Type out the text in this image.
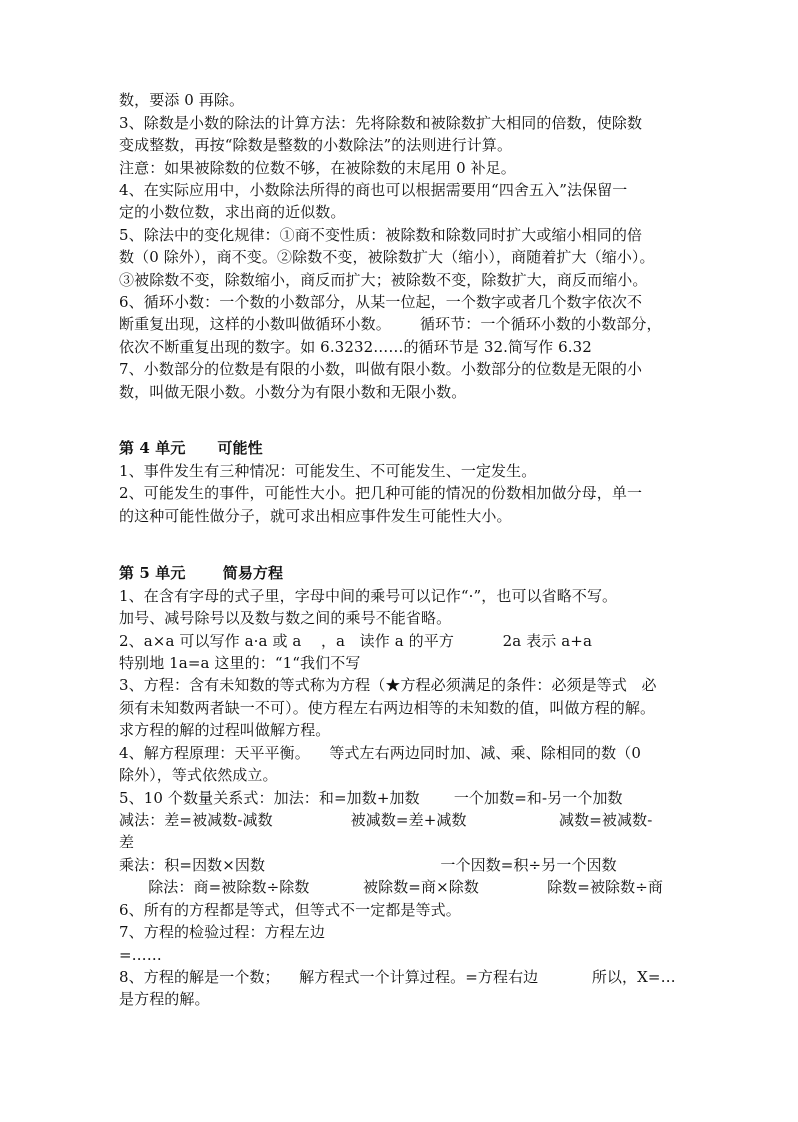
数，要添 0 再除。
3、除数是小数的除法的计算方法：先将除数和被除数扩大相同的倍数，使除数
变成整数，再按“除数是整数的小数除法”的法则进行计算。
注意：如果被除数的位数不够，在被除数的末尾用 0 补足。
4、在实际应用中，小数除法所得的商也可以根据需要用“四舍五入”法保留一
定的小数位数，求出商的近似数。
5、除法中的变化规律：①商不变性质：被除数和除数同时扩大或缩小相同的倍
数（0 除外），商不变。②除数不变，被除数扩大（缩小），商随着扩大（缩小）。
③被除数不变，除数缩小，商反而扩大；被除数不变，除数扩大，商反而缩小。
6、循环小数：一个数的小数部分，从某一位起，一个数字或者几个数字依次不
断重复出现，这样的小数叫做循环小数。      循环节：一个循环小数的小数部分，
依次不断重复出现的数字。如 6.3232……的循环节是 32.简写作 6.32
7、小数部分的位数是有限的小数，叫做有限小数。小数部分的位数是无限的小
数，叫做无限小数。小数分为有限小数和无限小数。
第 4 单元      可能性
1、事件发生有三种情况：可能发生、不可能发生、一定发生。
2、可能发生的事件，可能性大小。把几种可能的情况的份数相加做分母，单一
的这种可能性做分子，就可求出相应事件发生可能性大小。
第 5 单元       简易方程
1、在含有字母的式子里，字母中间的乘号可以记作“·”，也可以省略不写。
加号、减号除号以及数与数之间的乘号不能省略。
2、a×a 可以写作 a·a 或 a    ，a   读作 a 的平方          2a 表示 a+a
特别地 1a=a 这里的：“1“我们不写
3、方程：含有未知数的等式称为方程（★方程必须满足的条件：必须是等式   必
须有未知数两者缺一不可）。使方程左右两边相等的未知数的值，叫做方程的解。
求方程的解的过程叫做解方程。
4、解方程原理：天平平衡。    等式左右两边同时加、减、乘、除相同的数（0
除外），等式依然成立。
5、10 个数量关系式：加法：和=加数+加数       一个加数=和-另一个加数
减法：差=被减数-减数                被减数=差+减数                   减数=被减数-
差
乘法：积=因数×因数                                    一个因数=积÷另一个因数
除法：商=被除数÷除数           被除数=商×除数              除数=被除数÷商
6、所有的方程都是等式，但等式不一定都是等式。
7、方程的检验过程：方程左边
=……
8、方程的解是一个数；    解方程式一个计算过程。=方程右边           所以，X=…
是方程的解。
